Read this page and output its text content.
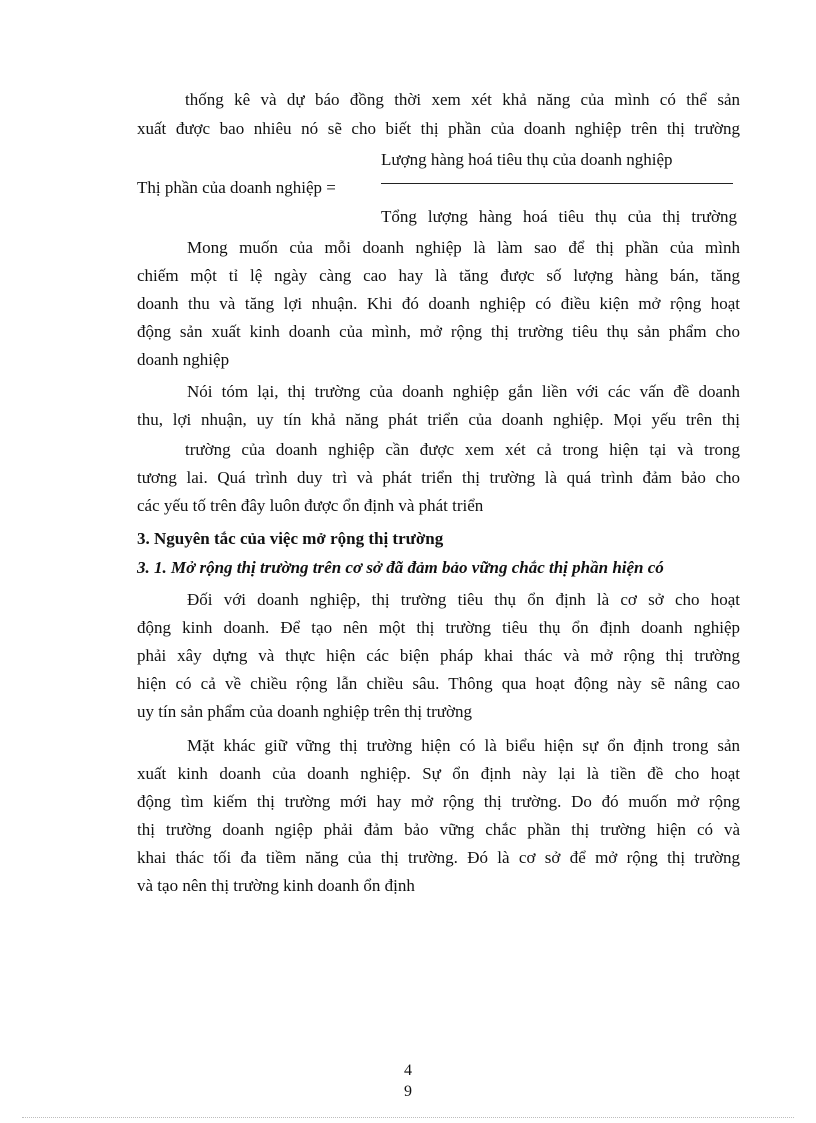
thống kê và dự báo đồng thời xem xét khả năng của mình có thể sản
xuất được bao nhiêu nó sẽ cho biết thị phần của doanh nghiệp trên thị trường
Lượng hàng hoá tiêu thụ của doanh nghiệp
Thị phần của doanh nghiệp =
Tổng lượng hàng hoá tiêu thụ của thị trường
Mong muốn của mỗi doanh nghiệp là làm sao để thị phần của mình
chiếm một tỉ lệ ngày càng cao hay là tăng được số lượng hàng bán, tăng
doanh thu và tăng lợi nhuận. Khi đó doanh nghiệp có điều kiện mở rộng hoạt
động sản xuất kinh doanh của mình, mở rộng thị trường tiêu thụ sản phẩm cho
doanh nghiệp
Nói tóm lại, thị trường của doanh nghiệp gắn liền với các vấn đề doanh
thu, lợi nhuận, uy tín khả năng phát triển của doanh nghiệp. Mọi yếu trên thị
trường của doanh nghiệp cần được xem xét cả trong hiện tại và trong
tương lai. Quá trình duy trì và phát triển thị trường là quá trình đảm bảo cho
các yếu tố trên đây luôn được ổn định và phát triển
3. Nguyên tắc của việc mở rộng thị trường
3. 1. Mở rộng thị trường trên cơ sở đã đảm bảo vững chắc thị phần hiện có
Đối với doanh nghiệp, thị trường tiêu thụ ổn định là cơ sở cho hoạt
động kinh doanh. Để tạo nên một thị trường tiêu thụ ổn định doanh nghiệp
phải xây dựng và thực hiện các biện pháp khai thác và mở rộng thị trường
hiện có cả về chiều rộng lẫn chiều sâu. Thông qua hoạt động này sẽ nâng cao
uy tín sản phẩm của doanh nghiệp trên thị trường
Mặt khác giữ vững thị trường hiện có là biểu hiện sự ổn định trong sản
xuất kinh doanh của doanh nghiệp. Sự ổn định này lại là tiền đề cho hoạt
động tìm kiếm thị trường mới hay mở rộng thị trường. Do đó muốn mở rộng
thị trường doanh ngiệp phải đảm bảo vững chắc phần thị trường hiện có và
khai thác tối đa tiềm năng của thị trường. Đó là cơ sở để mở rộng thị trường
và tạo nên thị trường kinh doanh ổn định
4
9
